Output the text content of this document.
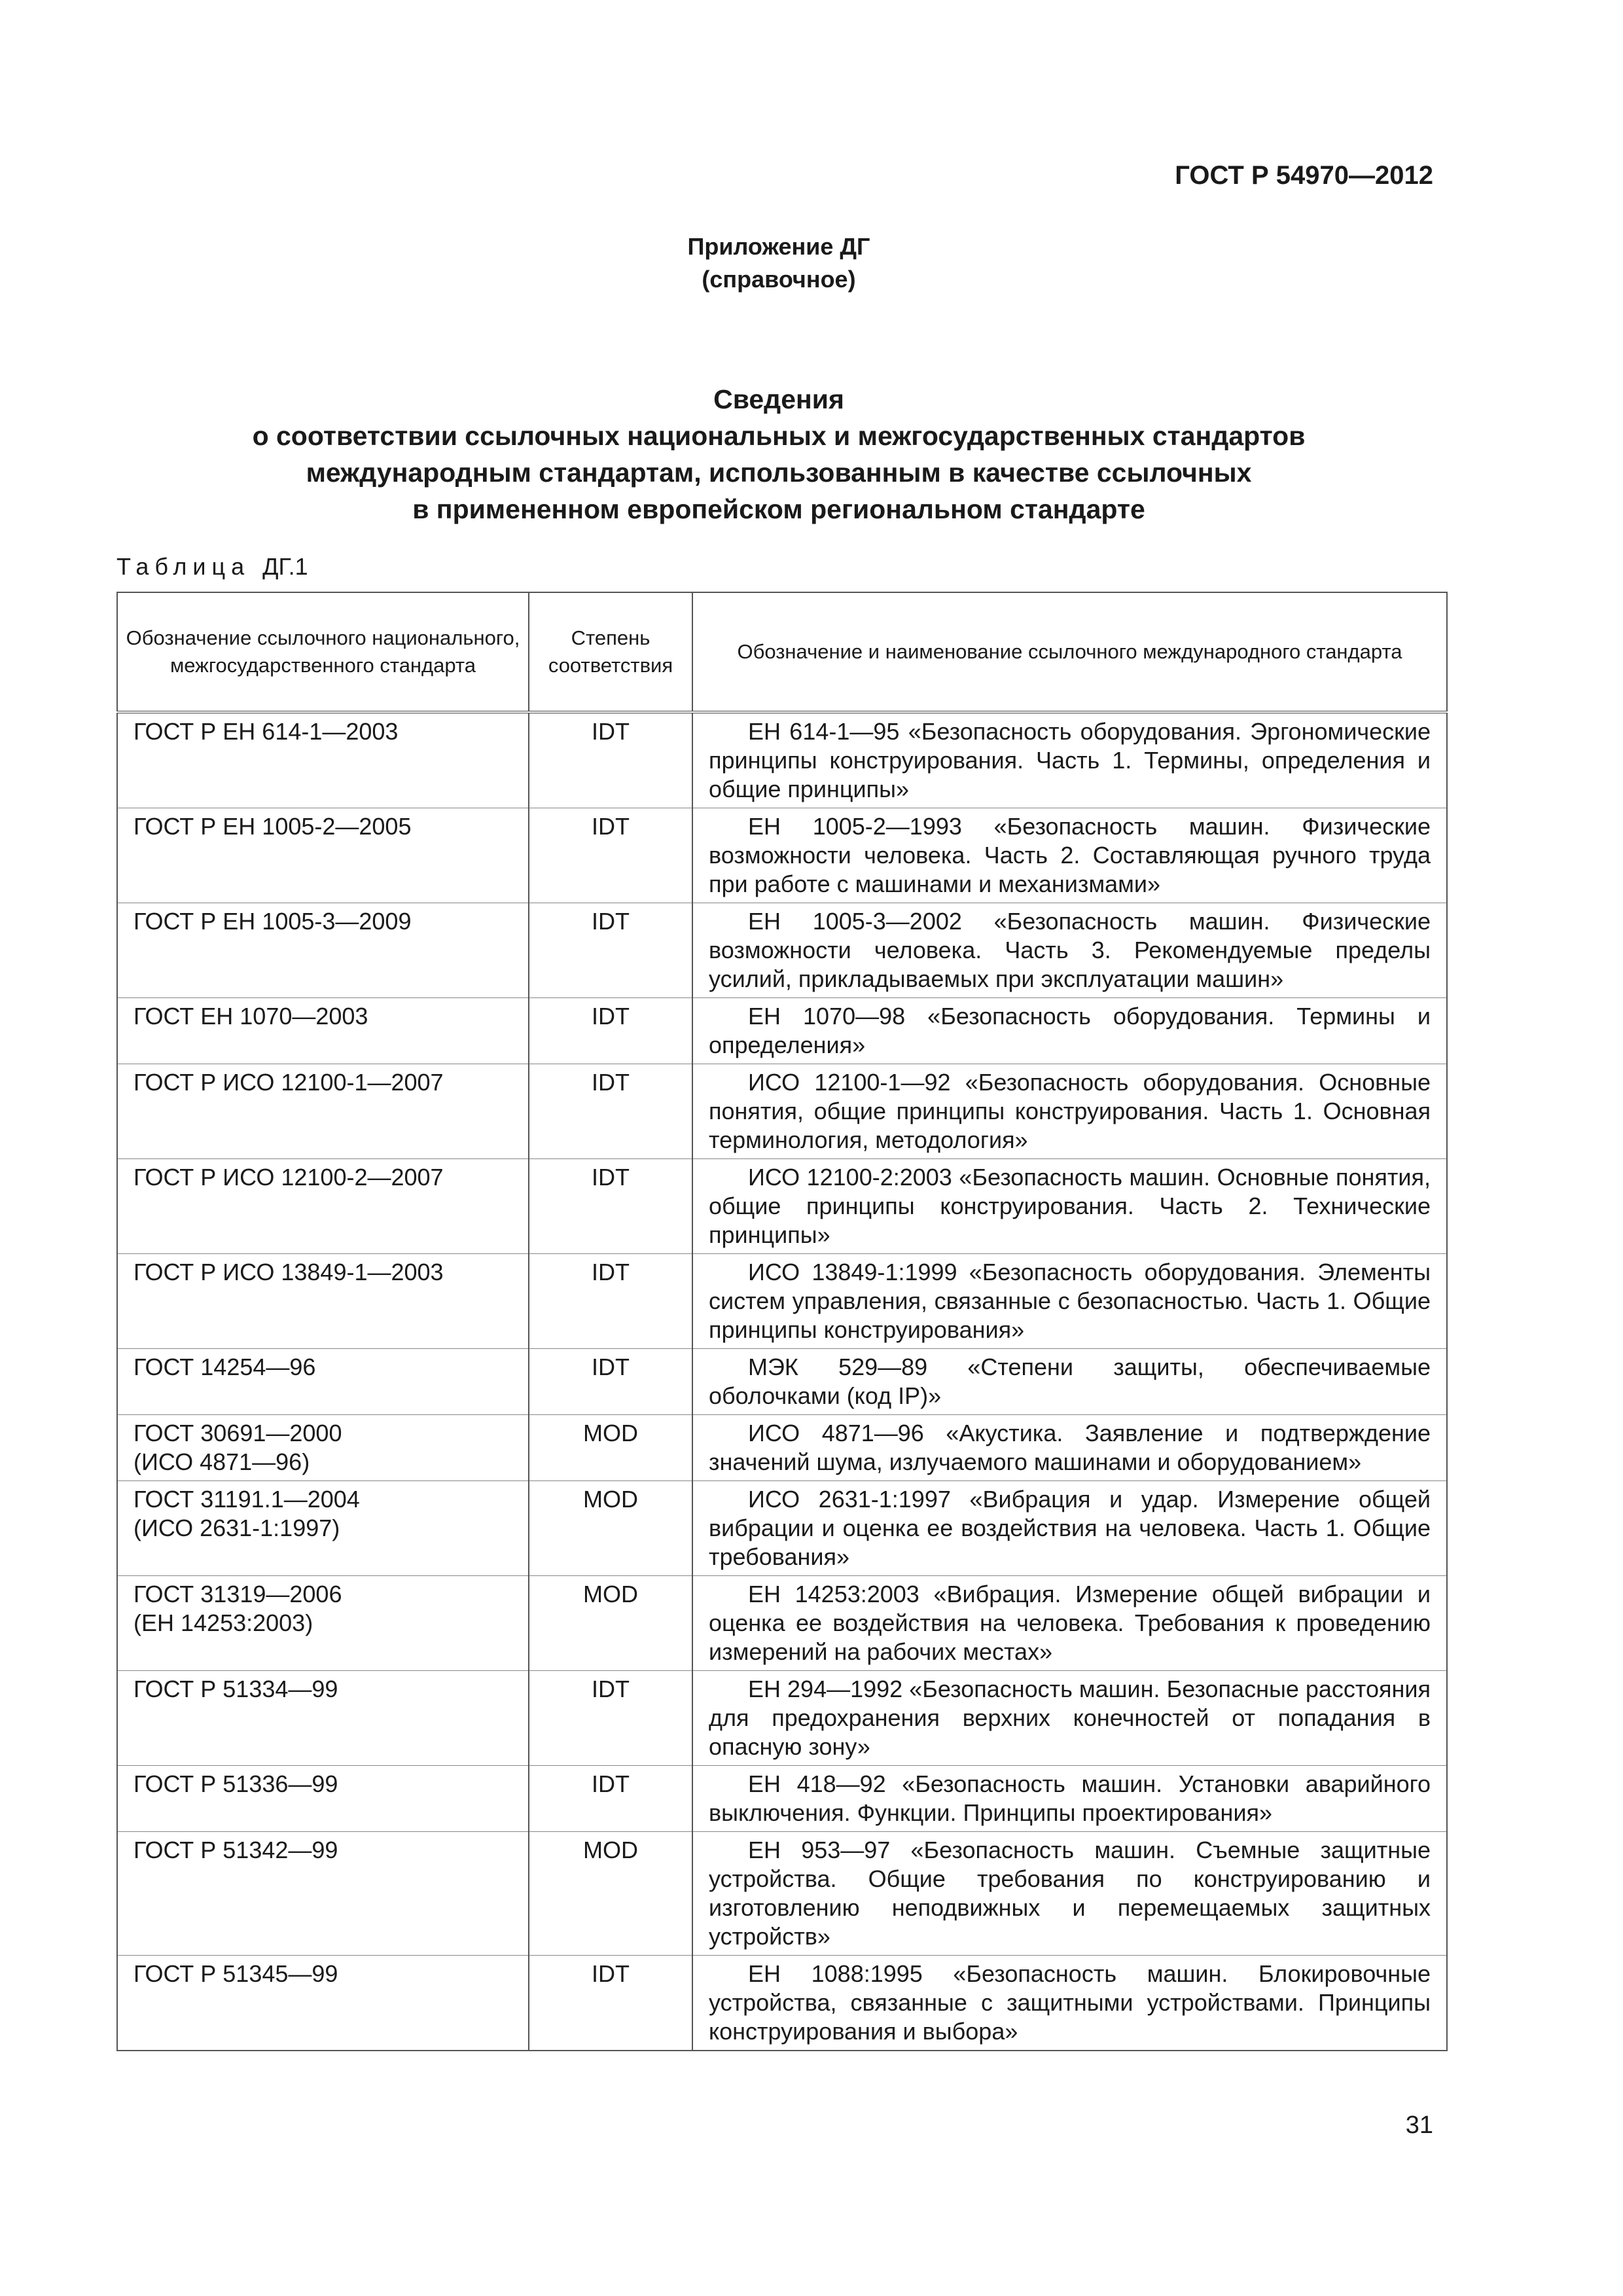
ГОСТ Р 54970—2012
Приложение ДГ
(справочное)
Сведения
о соответствии ссылочных национальных и межгосударственных стандартов
международным стандартам, использованным в качестве ссылочных
в примененном европейском региональном стандарте
Таблица ДГ.1
Обозначение ссылочного национального, межгосударственного стандарта	Степень соответствия	Обозначение и наименование ссылочного международного стандарта
ГОСТ Р ЕН 614-1—2003	IDT	ЕН 614-1—95 «Безопасность оборудования. Эргономические принципы конструирования. Часть 1. Термины, определения и общие принципы»
ГОСТ Р ЕН 1005-2—2005	IDT	ЕН 1005-2—1993 «Безопасность машин. Физические возможности человека. Часть 2. Составляющая ручного труда при работе с машинами и механизмами»
ГОСТ Р ЕН 1005-3—2009	IDT	ЕН 1005-3—2002 «Безопасность машин. Физические возможности человека. Часть 3. Рекомендуемые пределы усилий, прикладываемых при эксплуатации машин»
ГОСТ ЕН 1070—2003	IDT	ЕН 1070—98 «Безопасность оборудования. Термины и определения»
ГОСТ Р ИСО 12100-1—2007	IDT	ИСО 12100-1—92 «Безопасность оборудования. Основные понятия, общие принципы конструирования. Часть 1. Основная терминология, методология»
ГОСТ Р ИСО 12100-2—2007	IDT	ИСО 12100-2:2003 «Безопасность машин. Основные понятия, общие принципы конструирования. Часть 2. Технические принципы»
ГОСТ Р ИСО 13849-1—2003	IDT	ИСО 13849-1:1999 «Безопасность оборудования. Элементы систем управления, связанные с безопасностью. Часть 1. Общие принципы конструирования»
ГОСТ 14254—96	IDT	МЭК 529—89 «Степени защиты, обеспечиваемые оболочками (код IP)»
ГОСТ 30691—2000
(ИСО 4871—96)	MOD	ИСО 4871—96 «Акустика. Заявление и подтверждение значений шума, излучаемого машинами и оборудованием»
ГОСТ 31191.1—2004
(ИСО 2631-1:1997)	MOD	ИСО 2631-1:1997 «Вибрация и удар. Измерение общей вибрации и оценка ее воздействия на человека. Часть 1. Общие требования»
ГОСТ 31319—2006
(ЕН 14253:2003)	MOD	ЕН 14253:2003 «Вибрация. Измерение общей вибрации и оценка ее воздействия на человека. Требования к проведению измерений на рабочих местах»
ГОСТ Р 51334—99	IDT	ЕН 294—1992 «Безопасность машин. Безопасные расстояния для предохранения верхних конечностей от попадания в опасную зону»
ГОСТ Р 51336—99	IDT	ЕН 418—92 «Безопасность машин. Установки аварийного выключения. Функции. Принципы проектирования»
ГОСТ Р 51342—99	MOD	ЕН 953—97 «Безопасность машин. Съемные защитные устройства. Общие требования по конструированию и изготовлению неподвижных и перемещаемых защитных устройств»
ГОСТ Р 51345—99	IDT	ЕН 1088:1995 «Безопасность машин. Блокировочные устройства, связанные с защитными устройствами. Принципы конструирования и выбора»
31
